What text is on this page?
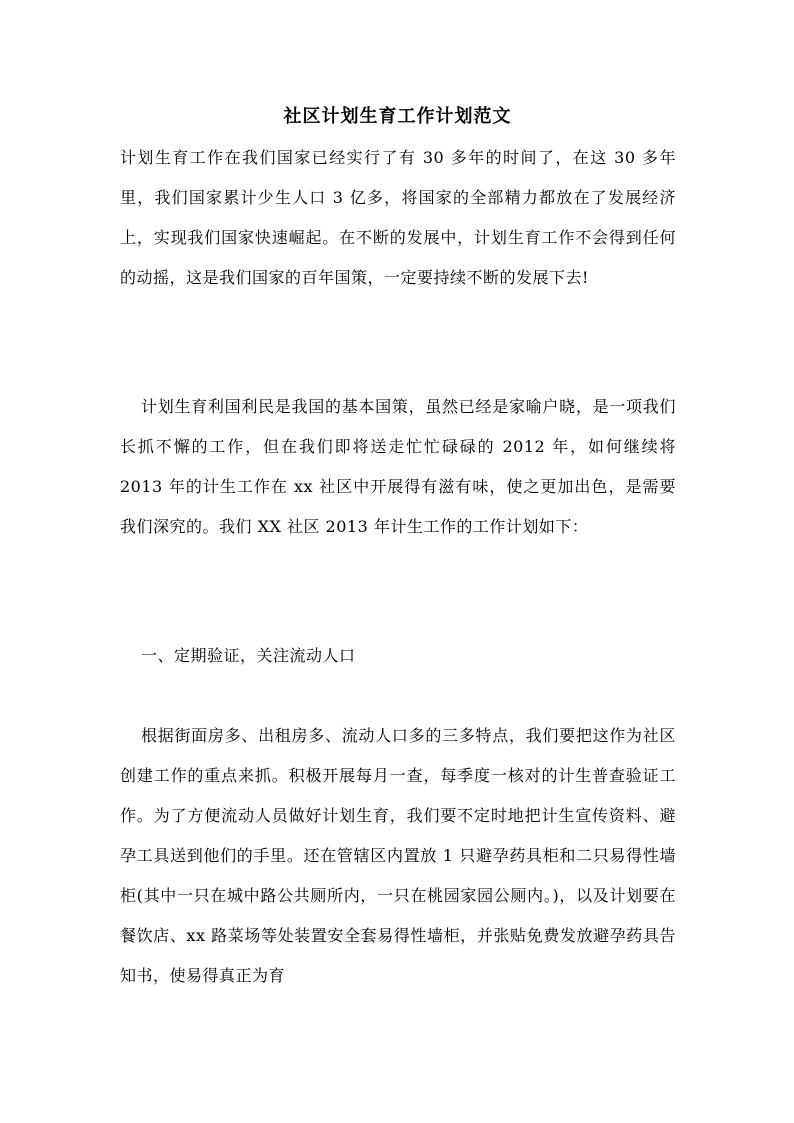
社区计划生育工作计划范文

计划生育工作在我们国家已经实行了有 30 多年的时间了，在这 30 多年里，我们国家累计少生人口 3 亿多，将国家的全部精力都放在了发展经济上，实现我们国家快速崛起。在不断的发展中，计划生育工作不会得到任何的动摇，这是我们国家的百年国策，一定要持续不断的发展下去!

计划生育利国利民是我国的基本国策，虽然已经是家喻户晓，是一项我们长抓不懈的工作，但在我们即将送走忙忙碌碌的 2012 年，如何继续将 2013 年的计生工作在 xx 社区中开展得有滋有味，使之更加出色，是需要我们深究的。我们 XX 社区 2013 年计生工作的工作计划如下：

一、定期验证，关注流动人口

根据街面房多、出租房多、流动人口多的三多特点，我们要把这作为社区创建工作的重点来抓。积极开展每月一查，每季度一核对的计生普查验证工作。为了方便流动人员做好计划生育，我们要不定时地把计生宣传资料、避孕工具送到他们的手里。还在管辖区内置放 1 只避孕药具柜和二只易得性墙柜(其中一只在城中路公共厕所内，一只在桃园家园公厕内。)，以及计划要在餐饮店、xx 路菜场等处装置安全套易得性墙柜，并张贴免费发放避孕药具告知书，使易得真正为育
